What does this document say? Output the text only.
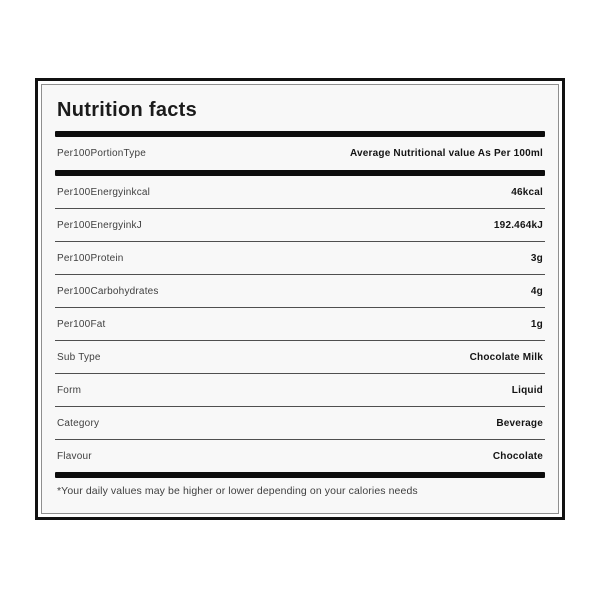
Nutrition facts
Per100PortionType	Average Nutritional value As Per 100ml
Per100Energyinkcal	46kcal
Per100EnergyinkJ	192.464kJ
Per100Protein	3g
Per100Carbohydrates	4g
Per100Fat	1g
Sub Type	Chocolate Milk
Form	Liquid
Category	Beverage
Flavour	Chocolate

*Your daily values may be higher or lower depending on your calories needs
